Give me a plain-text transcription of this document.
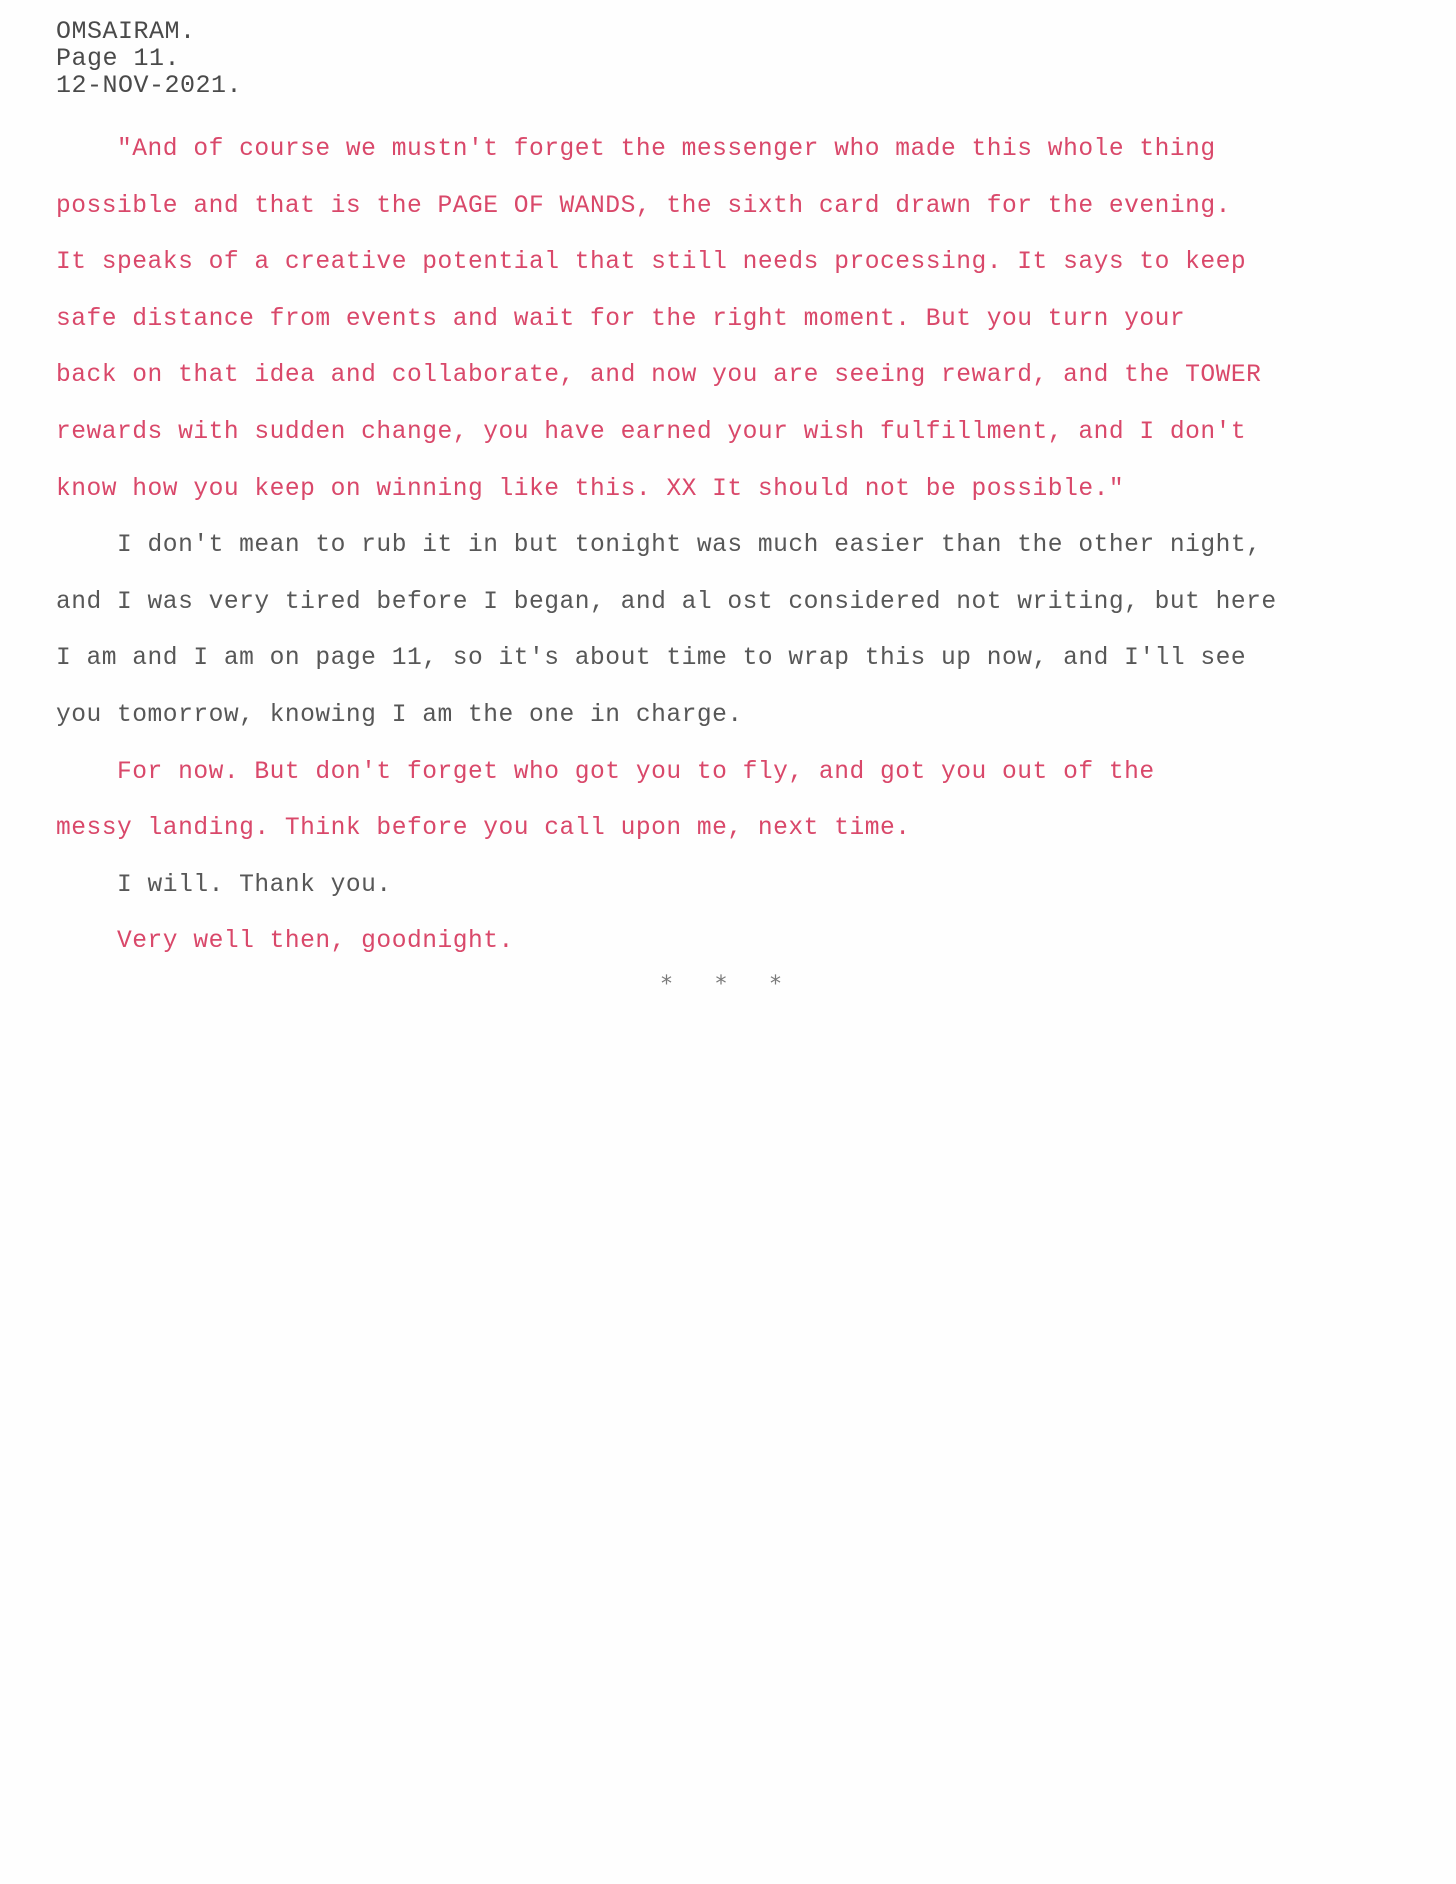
OMSAIRAM.
Page 11.
12-NOV-2021.
"And of course we mustn't forget the messenger who made this whole thing
possible and that is the PAGE OF WANDS, the sixth card drawn for the evening.
It speaks of a creative potential that still needs processing. It says to keep
safe distance from events and wait for the right moment. But you turn your
back on that idea and collaborate, and now you are seeing reward, and the TOWER
rewards with sudden change, you have earned your wish fulfillment, and I don't
know how you keep on winning like this. XX It should not be possible."
I don't mean to rub it in but tonight was much easier than the other night,
and I was very tired before I began, and al ost considered not writing, but here
I am and I am on page 11, so it's about time to wrap this up now, and I'll see
you tomorrow, knowing I am the one in charge.
For now. But don't forget who got you to fly, and got you out of the
messy landing. Think before you call upon me, next time.
I will. Thank you.
Very well then, goodnight.
* * *
